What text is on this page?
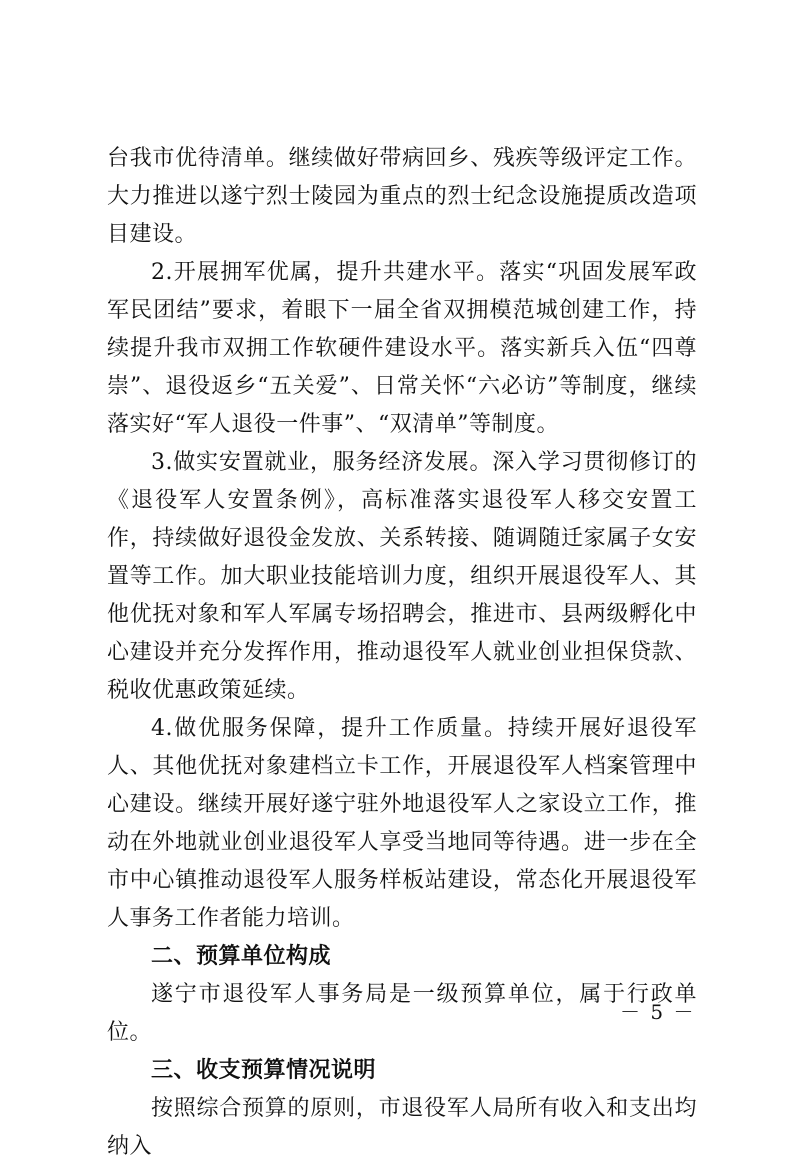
台我市优待清单。继续做好带病回乡、残疾等级评定工作。大力推进以遂宁烈士陵园为重点的烈士纪念设施提质改造项目建设。

2.开展拥军优属，提升共建水平。落实“巩固发展军政军民团结”要求，着眼下一届全省双拥模范城创建工作，持续提升我市双拥工作软硬件建设水平。落实新兵入伍“四尊崇”、退役返乡“五关爱”、日常关怀“六必访”等制度，继续落实好“军人退役一件事”、“双清单”等制度。

3.做实安置就业，服务经济发展。深入学习贯彻修订的《退役军人安置条例》，高标准落实退役军人移交安置工作，持续做好退役金发放、关系转接、随调随迁家属子女安置等工作。加大职业技能培训力度，组织开展退役军人、其他优抚对象和军人军属专场招聘会，推进市、县两级孵化中心建设并充分发挥作用，推动退役军人就业创业担保贷款、税收优惠政策延续。

4.做优服务保障，提升工作质量。持续开展好退役军人、其他优抚对象建档立卡工作，开展退役军人档案管理中心建设。继续开展好遂宁驻外地退役军人之家设立工作，推动在外地就业创业退役军人享受当地同等待遇。进一步在全市中心镇推动退役军人服务样板站建设，常态化开展退役军人事务工作者能力培训。

二、预算单位构成

遂宁市退役军人事务局是一级预算单位，属于行政单位。

三、收支预算情况说明

按照综合预算的原则，市退役军人局所有收入和支出均纳入

－ 5 －
